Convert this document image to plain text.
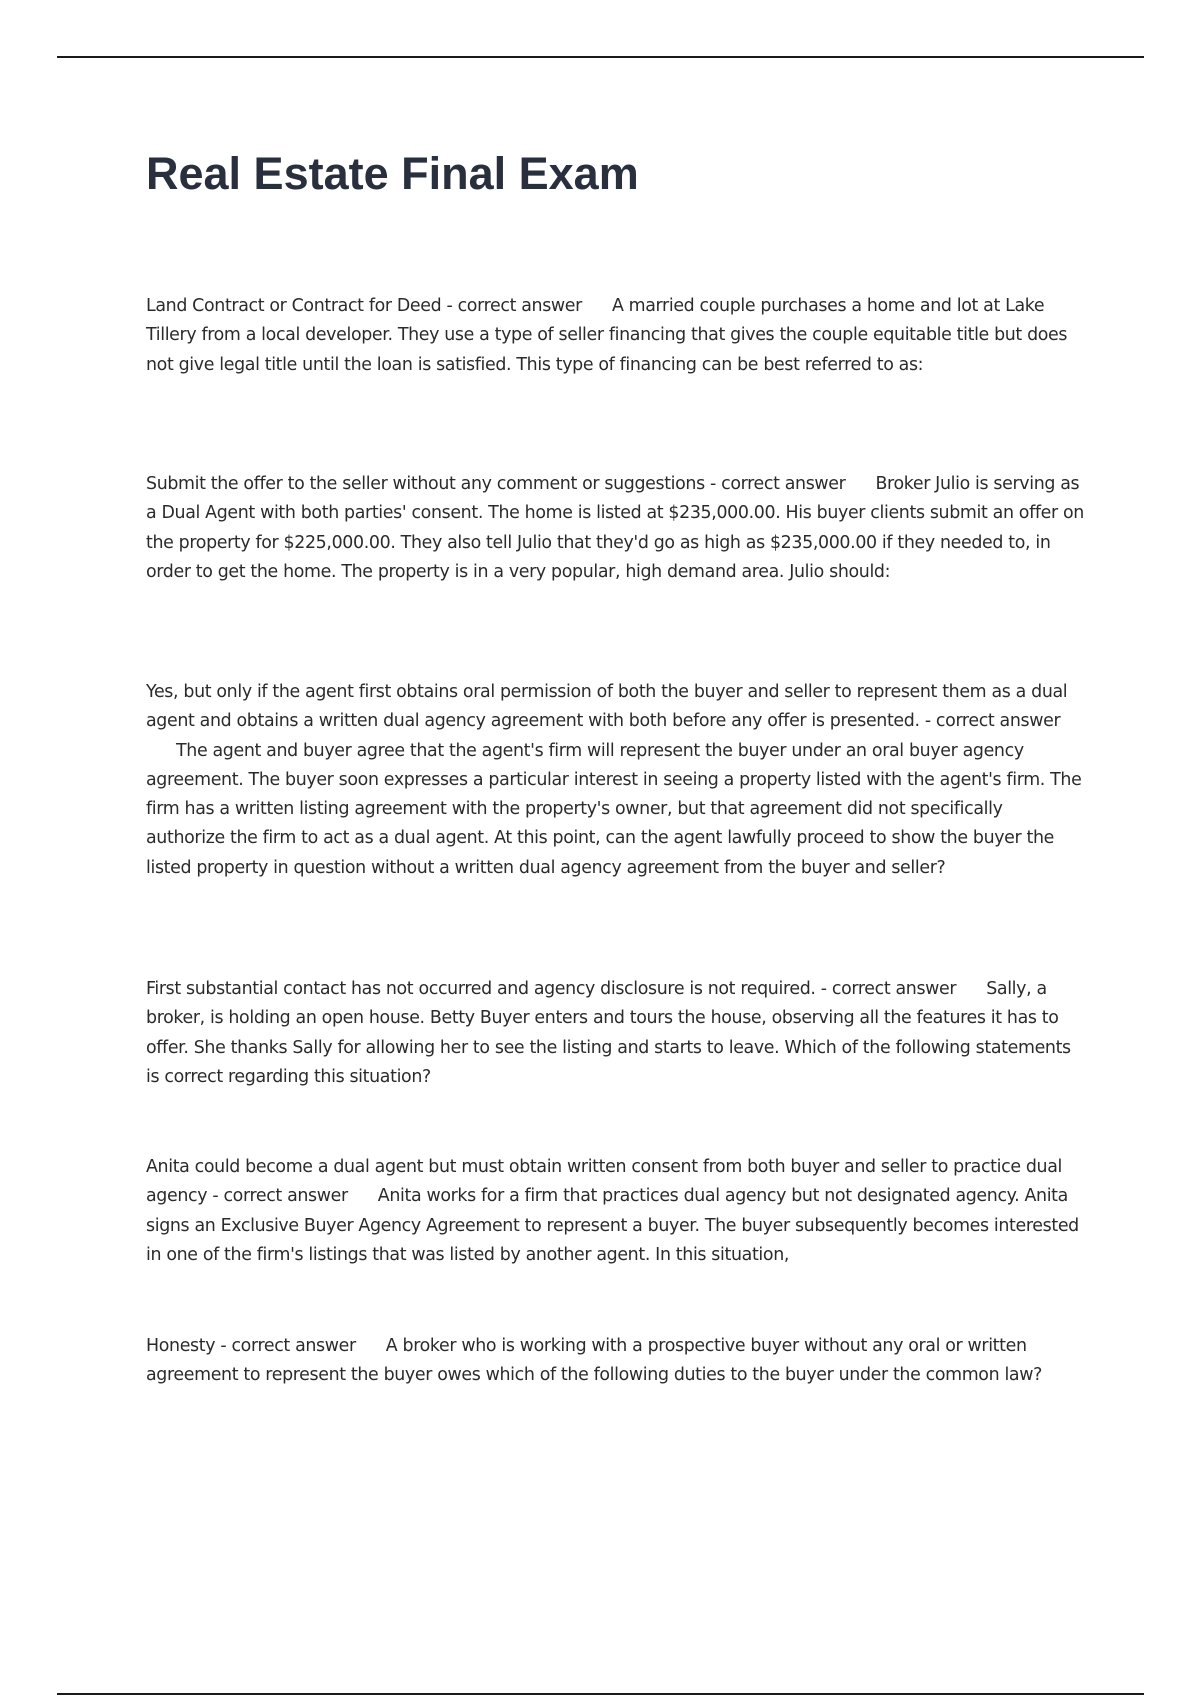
Real Estate Final Exam

Land Contract or Contract for Deed - correct answer A married couple purchases a home and lot at Lake Tillery from a local developer. They use a type of seller financing that gives the couple equitable title but does not give legal title until the loan is satisfied. This type of financing can be best referred to as:

Submit the offer to the seller without any comment or suggestions - correct answer Broker Julio is serving as a Dual Agent with both parties' consent. The home is listed at $235,000.00. His buyer clients submit an offer on the property for $225,000.00. They also tell Julio that they'd go as high as $235,000.00 if they needed to, in order to get the home. The property is in a very popular, high demand area. Julio should:

Yes, but only if the agent first obtains oral permission of both the buyer and seller to represent them as a dual agent and obtains a written dual agency agreement with both before any offer is presented. - correct answerThe agent and buyer agree that the agent's firm will represent the buyer under an oral buyer agency agreement. The buyer soon expresses a particular interest in seeing a property listed with the agent's firm. The firm has a written listing agreement with the property's owner, but that agreement did not specifically authorize the firm to act as a dual agent. At this point, can the agent lawfully proceed to show the buyer the listed property in question without a written dual agency agreement from the buyer and seller?

First substantial contact has not occurred and agency disclosure is not required. - correct answer Sally, a broker, is holding an open house. Betty Buyer enters and tours the house, observing all the features it has to offer. She thanks Sally for allowing her to see the listing and starts to leave. Which of the following statements is correct regarding this situation?

Anita could become a dual agent but must obtain written consent from both buyer and seller to practice dual agency - correct answer Anita works for a firm that practices dual agency but not designated agency. Anita signs an Exclusive Buyer Agency Agreement to represent a buyer. The buyer subsequently becomes interested in one of the firm's listings that was listed by another agent. In this situation,

Honesty - correct answer A broker who is working with a prospective buyer without any oral or written agreement to represent the buyer owes which of the following duties to the buyer under the common law?
